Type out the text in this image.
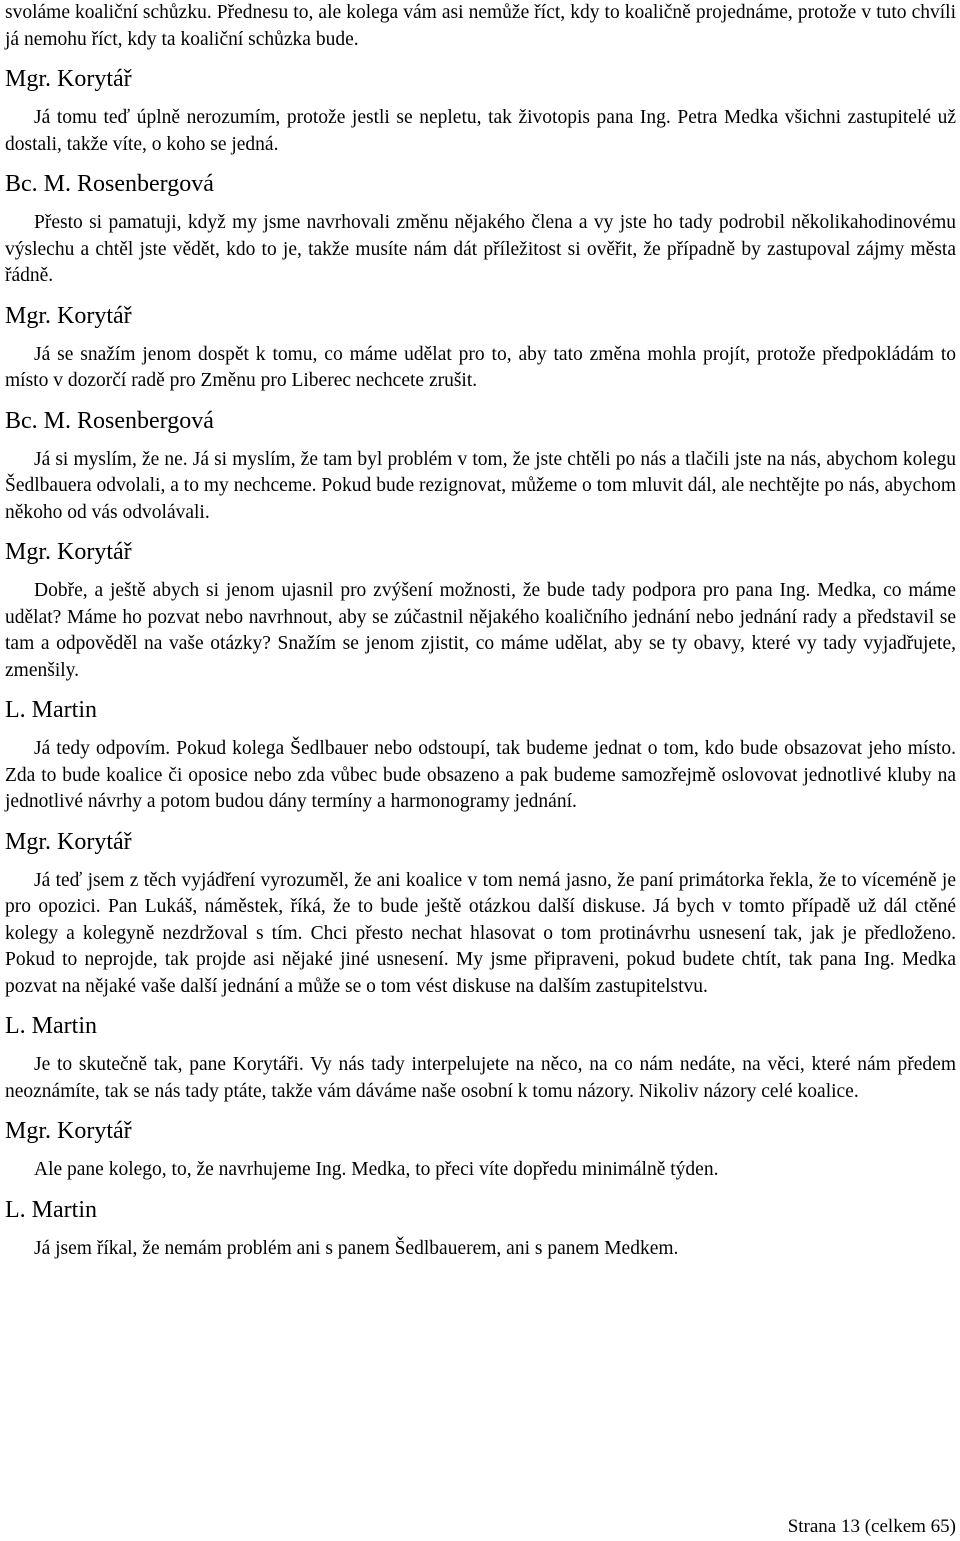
svoláme koaliční schůzku. Přednesu to, ale kolega vám asi nemůže říct, kdy to koaličně projednáme, protože v tuto chvíli já nemohu říct, kdy ta koaliční schůzka bude.

Mgr. Korytář

Já tomu teď úplně nerozumím, protože jestli se nepletu, tak životopis pana Ing. Petra Medka všichni zastupitelé už dostali, takže víte, o koho se jedná.

Bc. M. Rosenbergová

Přesto si pamatuji, když my jsme navrhovali změnu nějakého člena a vy jste ho tady podrobil několikahodinovému výslechu a chtěl jste vědět, kdo to je, takže musíte nám dát příležitost si ověřit, že případně by zastupoval zájmy města řádně.

Mgr. Korytář

Já se snažím jenom dospět k tomu, co máme udělat pro to, aby tato změna mohla projít, protože předpokládám to místo v dozorčí radě pro Změnu pro Liberec nechcete zrušit.

Bc. M. Rosenbergová

Já si myslím, že ne. Já si myslím, že tam byl problém v tom, že jste chtěli po nás a tlačili jste na nás, abychom kolegu Šedlbauera odvolali, a to my nechceme. Pokud bude rezignovat, můžeme o tom mluvit dál, ale nechtějte po nás, abychom někoho od vás odvolávali.

Mgr. Korytář

Dobře, a ještě abych si jenom ujasnil pro zvýšení možnosti, že bude tady podpora pro pana Ing. Medka, co máme udělat? Máme ho pozvat nebo navrhnout, aby se zúčastnil nějakého koaličního jednání nebo jednání rady a představil se tam a odpověděl na vaše otázky? Snažím se jenom zjistit, co máme udělat, aby se ty obavy, které vy tady vyjadřujete, zmenšily.

L. Martin

Já tedy odpovím. Pokud kolega Šedlbauer nebo odstoupí, tak budeme jednat o tom, kdo bude obsazovat jeho místo. Zda to bude koalice či oposice nebo zda vůbec bude obsazeno a pak budeme samozřejmě oslovovat jednotlivé kluby na jednotlivé návrhy a potom budou dány termíny a harmonogramy jednání.

Mgr. Korytář

Já teď jsem z těch vyjádření vyrozuměl, že ani koalice v tom nemá jasno, že paní primátorka řekla, že to víceméně je pro opozici. Pan Lukáš, náměstek, říká, že to bude ještě otázkou další diskuse. Já bych v tomto případě už dál ctěné kolegy a kolegyně nezdržoval s tím. Chci přesto nechat hlasovat o tom protinávrhu usnesení tak, jak je předloženo. Pokud to neprojde, tak projde asi nějaké jiné usnesení. My jsme připraveni, pokud budete chtít, tak pana Ing. Medka pozvat na nějaké vaše další jednání a může se o tom vést diskuse na dalším zastupitelstvu.

L. Martin

Je to skutečně tak, pane Korytáři. Vy nás tady interpelujete na něco, na co nám nedáte, na věci, které nám předem neoznámíte, tak se nás tady ptáte, takže vám dáváme naše osobní k tomu názory. Nikoliv názory celé koalice.

Mgr. Korytář

Ale pane kolego, to, že navrhujeme Ing. Medka, to přeci víte dopředu minimálně týden.

L. Martin

Já jsem říkal, že nemám problém ani s panem Šedlbauerem, ani s panem Medkem.

Strana 13 (celkem 65)
